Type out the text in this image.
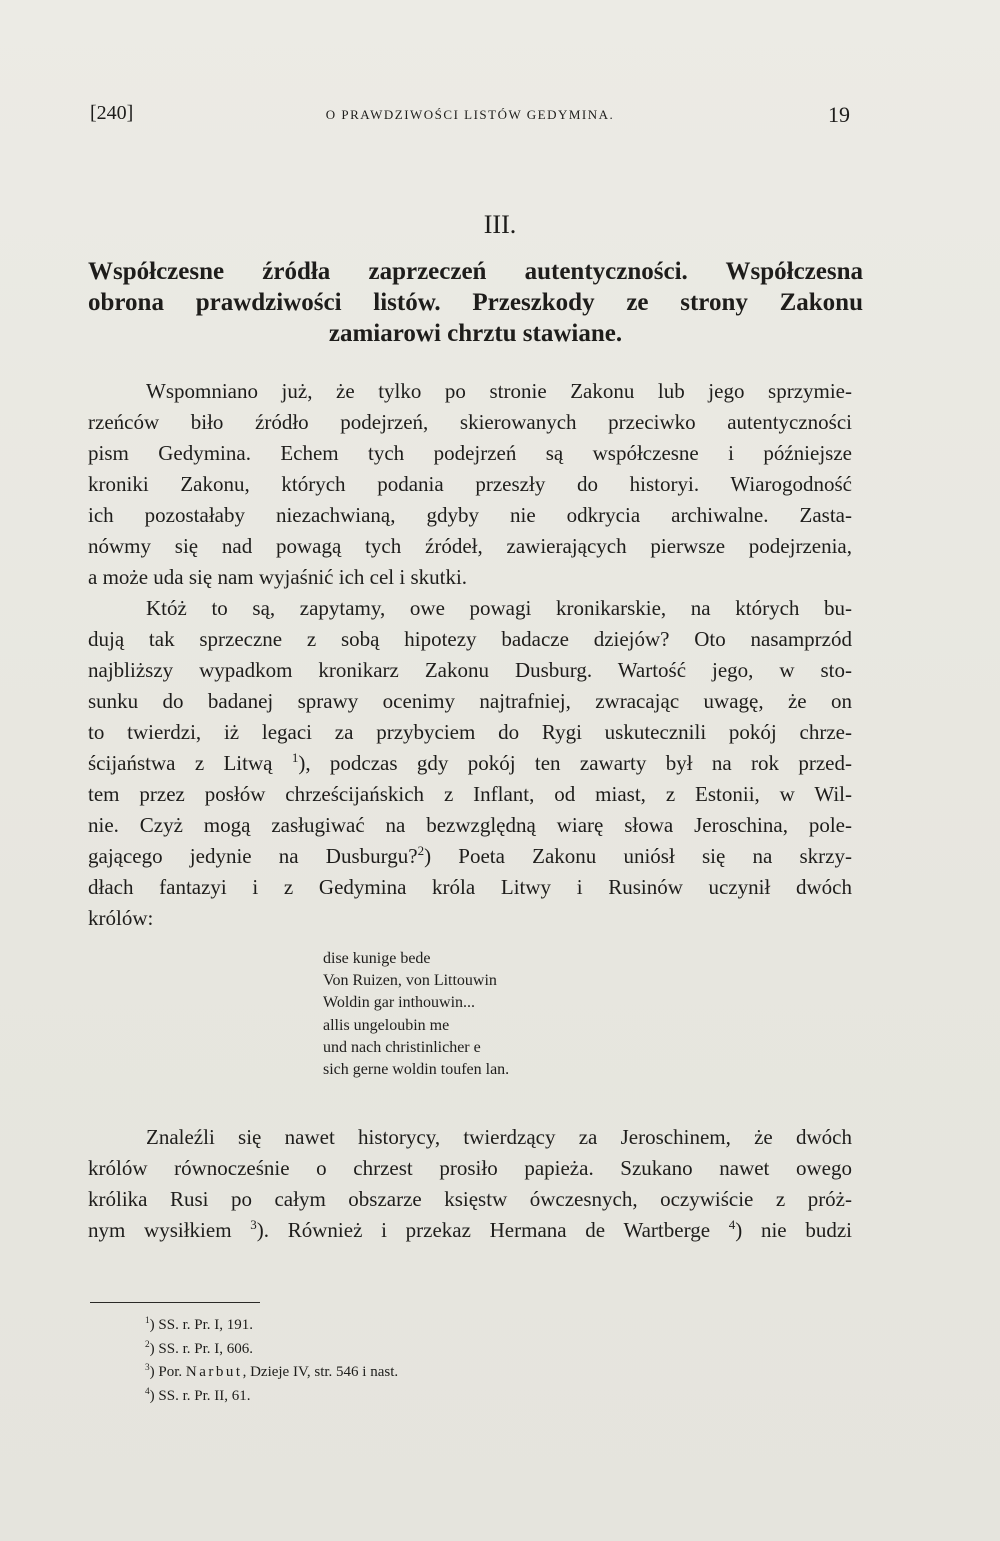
[240]	O PRAWDZIWOŚCI LISTÓW GEDYMINA.	19
III.
Współczesne źródła zaprzeczeń autentyczności. Współczesna
obrona prawdziwości listów. Przeszkody ze strony Zakonu
zamiarowi chrztu stawiane.
Wspomniano już, że tylko po stronie Zakonu lub jego sprzymie-
rzeńców biło źródło podejrzeń, skierowanych przeciwko autentyczności
pism Gedymina. Echem tych podejrzeń są współczesne i późniejsze
kroniki Zakonu, których podania przeszły do historyi. Wiarogodność
ich pozostałaby niezachwianą, gdyby nie odkrycia archiwalne. Zasta-
nówmy się nad powagą tych źródeł, zawierających pierwsze podejrzenia,
a może uda się nam wyjaśnić ich cel i skutki.
Któż to są, zapytamy, owe powagi kronikarskie, na których bu-
dują tak sprzeczne z sobą hipotezy badacze dziejów? Oto nasamprzód
najbliższy wypadkom kronikarz Zakonu Dusburg. Wartość jego, w sto-
sunku do badanej sprawy ocenimy najtrafniej, zwracając uwagę, że on
to twierdzi, iż legaci za przybyciem do Rygi uskutecznili pokój chrze-
ścijaństwa z Litwą $^1$), podczas gdy pokój ten zawarty był na rok przed-
tem przez posłów chrześcijańskich z Inflant, od miast, z Estonii, w Wil-
nie. Czyż mogą zasługiwać na bezwzględną wiarę słowa Jeroschina, pole-
gającego jedynie na Dusburgu?$^2$) Poeta Zakonu uniósł się na skrzy-
dłach fantazyi i z Gedymina króla Litwy i Rusinów uczynił dwóch
królów:
dise kunige bede
Von Ruizen, von Littouwin
Woldin gar inthouwin...
allis ungeloubin me
und nach christinlicher e
sich gerne woldin toufen lan.
Znaleźli się nawet historycy, twierdzący za Jeroschinem, że dwóch
królów równocześnie o chrzest prosiło papieża. Szukano nawet owego
królika Rusi po całym obszarze księstw ówczesnych, oczywiście z próż-
nym wysiłkiem $^3$). Również i przekaz Hermana de Wartberge $^4$) nie budzi
$^1$) SS. r. Pr. I, 191.
$^2$) SS. r. Pr. I, 606.
$^3$) Por. Narbut, Dzieje IV, str. 546 i nast.
$^4$) SS. r. Pr. II, 61.
